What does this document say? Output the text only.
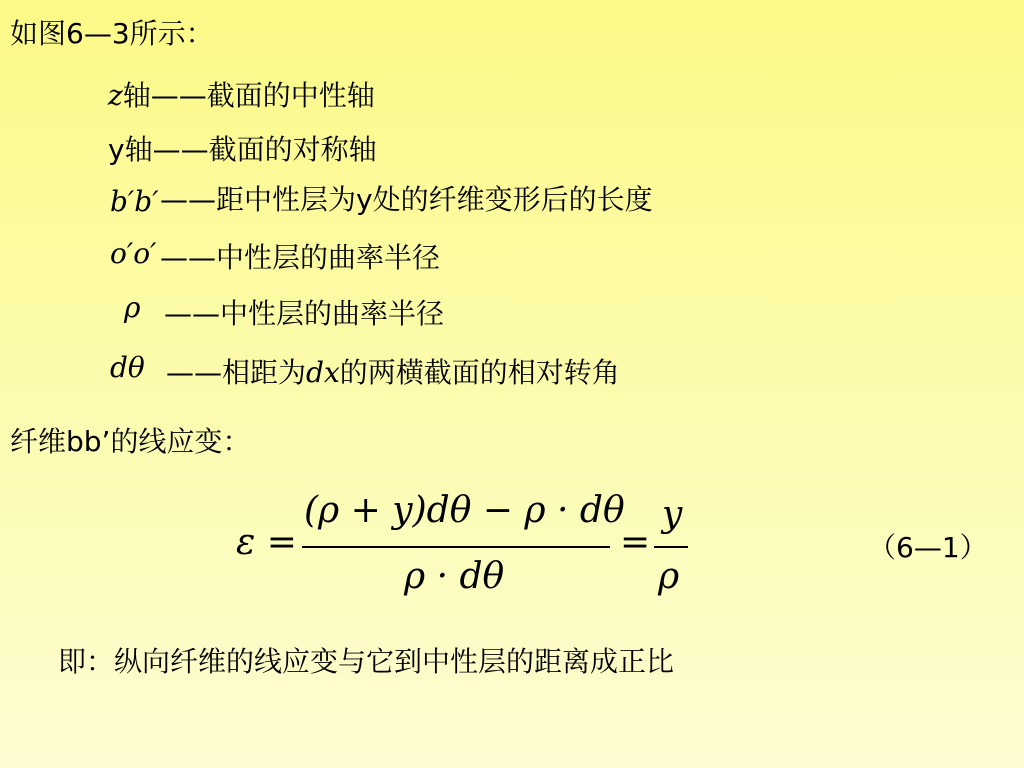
如图6—3所示：
z轴——截面的中性轴
y轴——截面的对称轴
b′b′ ——距中性层为y处的纤维变形后的长度
o′o′ ——中性层的曲率半径
ρ ——中性层的曲率半径
dθ ——相距为dx的两横截面的相对转角
纤维bb’的线应变：
ε =
(ρ + y)dθ − ρ · dθ
ρ · dθ
=
y
ρ
（6—1）
即：纵向纤维的线应变与它到中性层的距离成正比
